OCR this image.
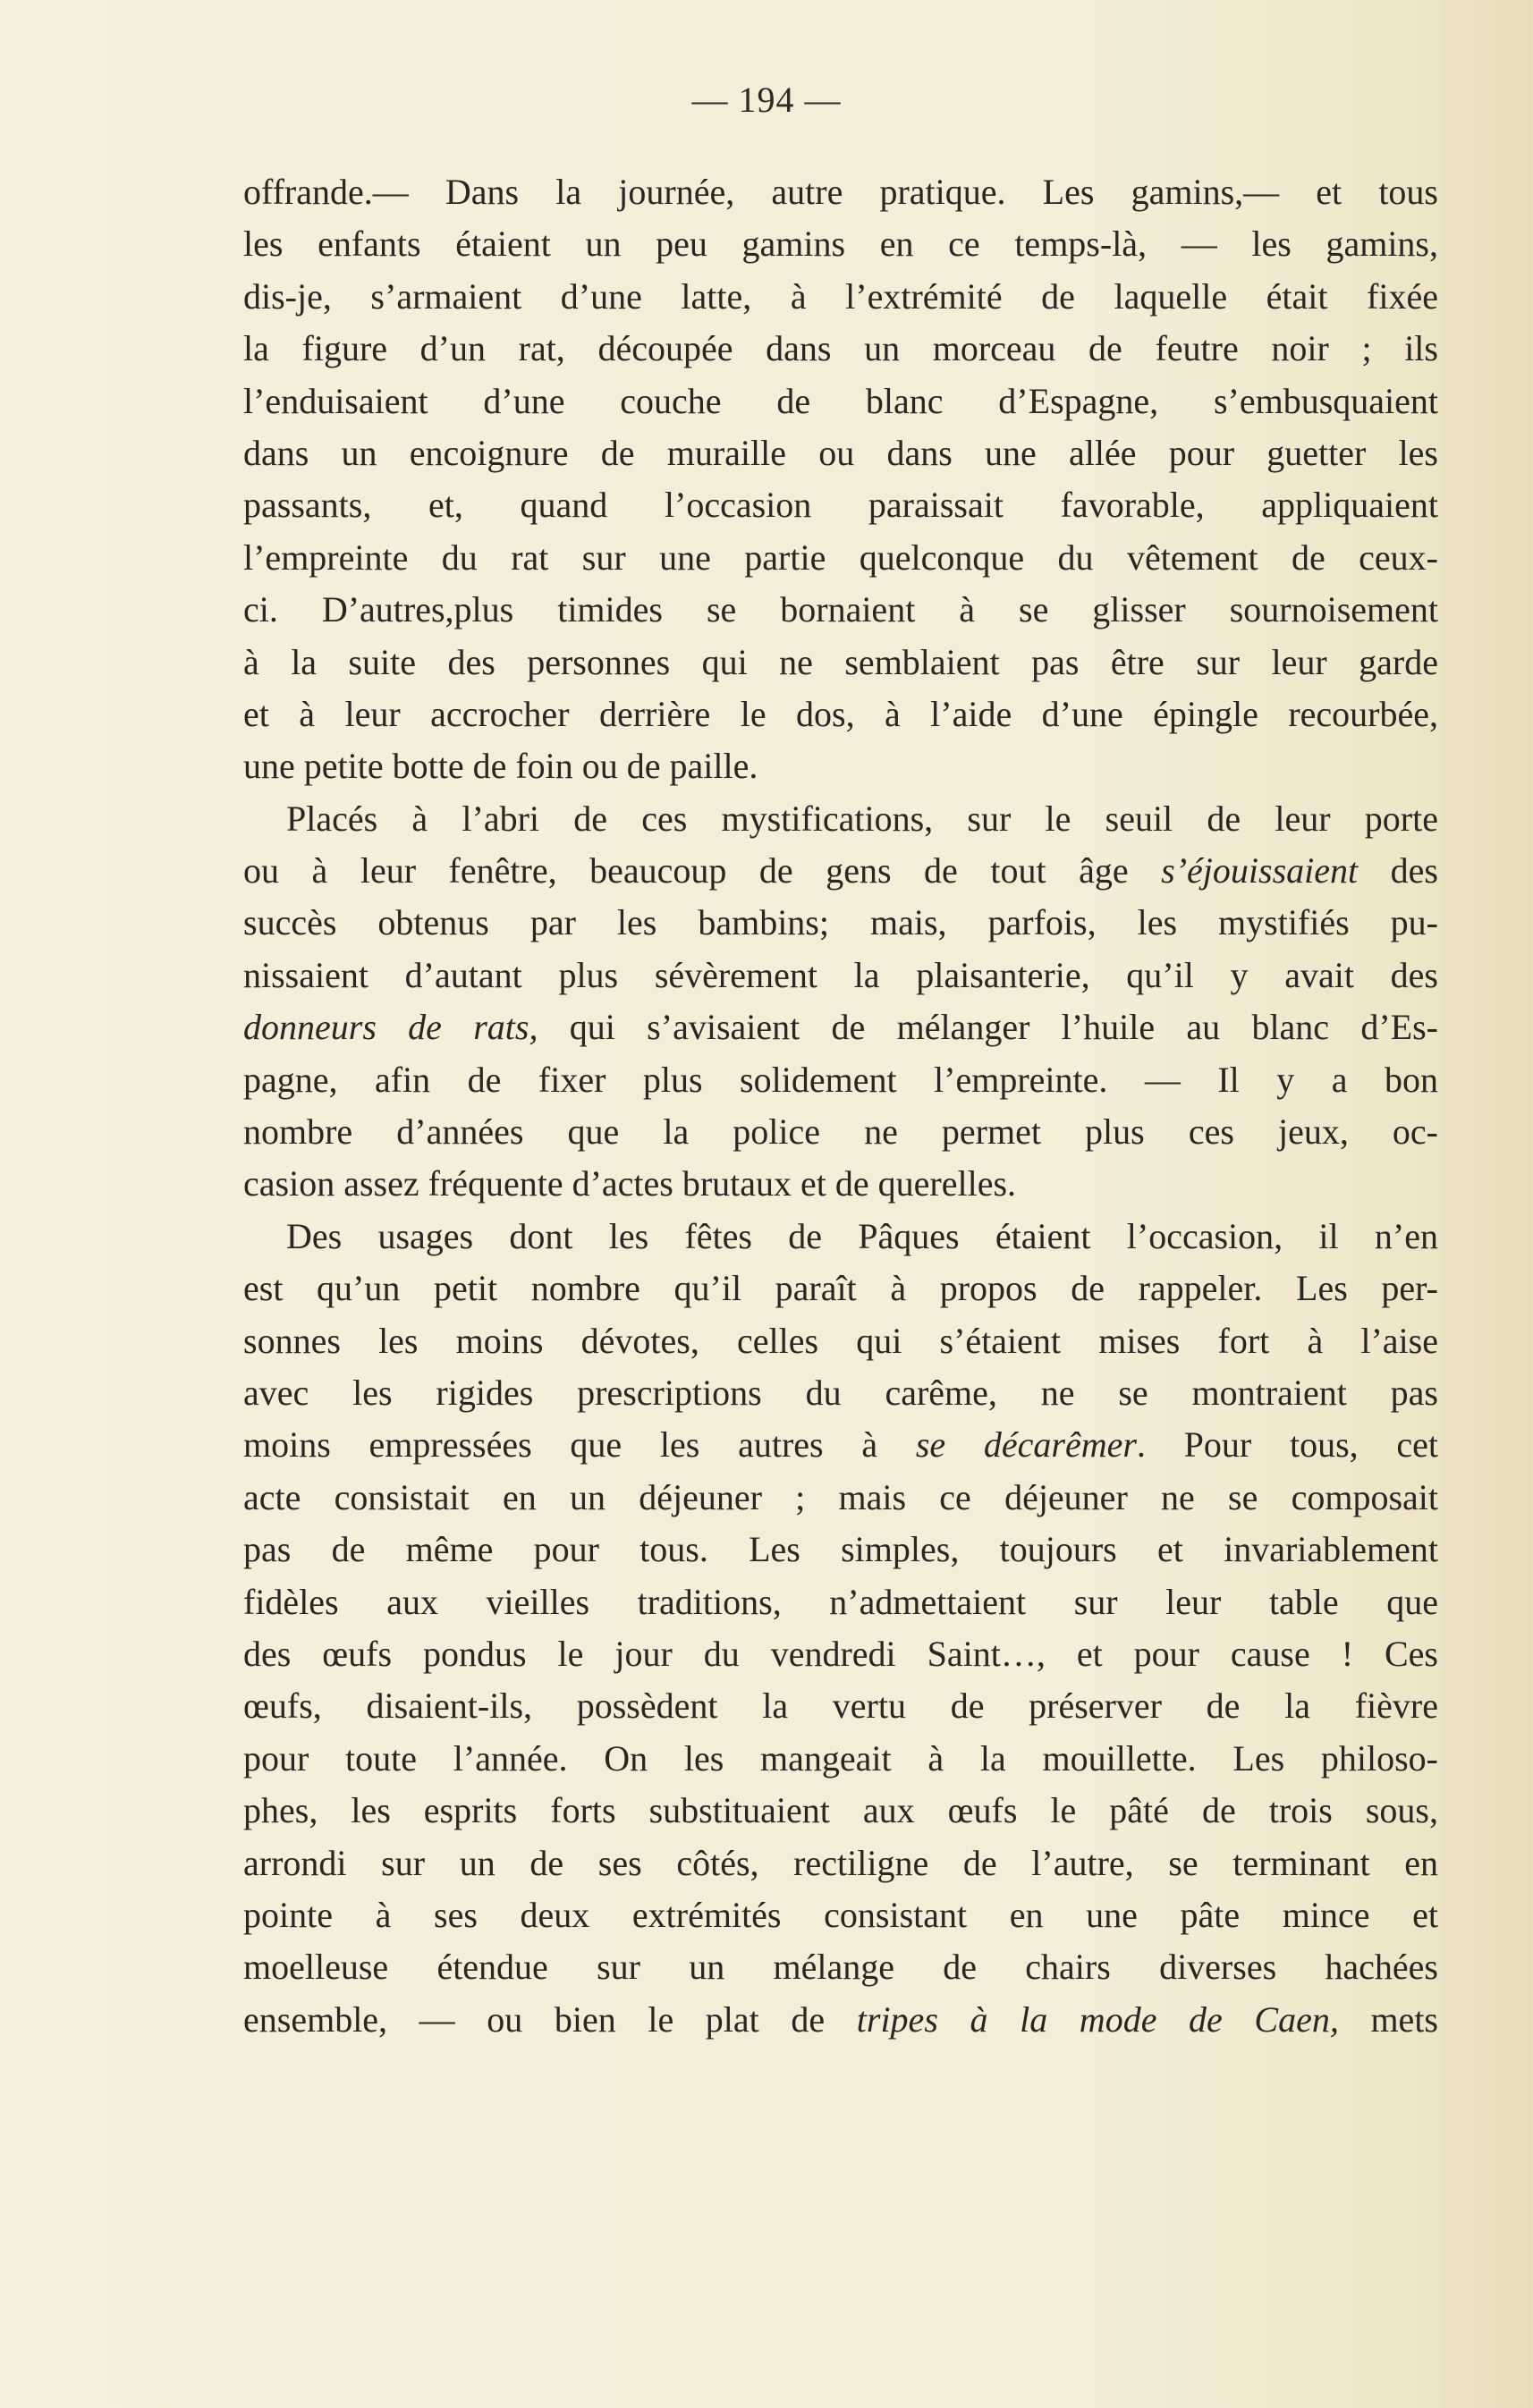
— 194 —
offrande.— Dans la journée, autre pratique. Les gamins,— et tous
les enfants étaient un peu gamins en ce temps-là, — les gamins,
dis-je, s’armaient d’une latte, à l’extrémité de laquelle était fixée
la figure d’un rat, découpée dans un morceau de feutre noir ; ils
l’enduisaient d’une couche de blanc d’Espagne, s’embusquaient
dans un encoignure de muraille ou dans une allée pour guetter les
passants, et, quand l’occasion paraissait favorable, appliquaient
l’empreinte du rat sur une partie quelconque du vêtement de ceux-
ci. D’autres,plus timides se bornaient à se glisser sournoisement
à la suite des personnes qui ne semblaient pas être sur leur garde
et à leur accrocher derrière le dos, à l’aide d’une épingle recourbée,
une petite botte de foin ou de paille.
Placés à l’abri de ces mystifications, sur le seuil de leur porte
ou à leur fenêtre, beaucoup de gens de tout âge s’éjouissaient des
succès obtenus par les bambins; mais, parfois, les mystifiés pu-
nissaient d’autant plus sévèrement la plaisanterie, qu’il y avait des
donneurs de rats, qui s’avisaient de mélanger l’huile au blanc d’Es-
pagne, afin de fixer plus solidement l’empreinte. — Il y a bon
nombre d’années que la police ne permet plus ces jeux, oc-
casion assez fréquente d’actes brutaux et de querelles.
Des usages dont les fêtes de Pâques étaient l’occasion, il n’en
est qu’un petit nombre qu’il paraît à propos de rappeler. Les per-
sonnes les moins dévotes, celles qui s’étaient mises fort à l’aise
avec les rigides prescriptions du carême, ne se montraient pas
moins empressées que les autres à se décarêmer. Pour tous, cet
acte consistait en un déjeuner ; mais ce déjeuner ne se composait
pas de même pour tous. Les simples, toujours et invariablement
fidèles aux vieilles traditions, n’admettaient sur leur table que
des œufs pondus le jour du vendredi Saint…, et pour cause ! Ces
œufs, disaient-ils, possèdent la vertu de préserver de la fièvre
pour toute l’année. On les mangeait à la mouillette. Les philoso-
phes, les esprits forts substituaient aux œufs le pâté de trois sous,
arrondi sur un de ses côtés, rectiligne de l’autre, se terminant en
pointe à ses deux extrémités consistant en une pâte mince et
moelleuse étendue sur un mélange de chairs diverses hachées
ensemble, — ou bien le plat de tripes à la mode de Caen, mets
